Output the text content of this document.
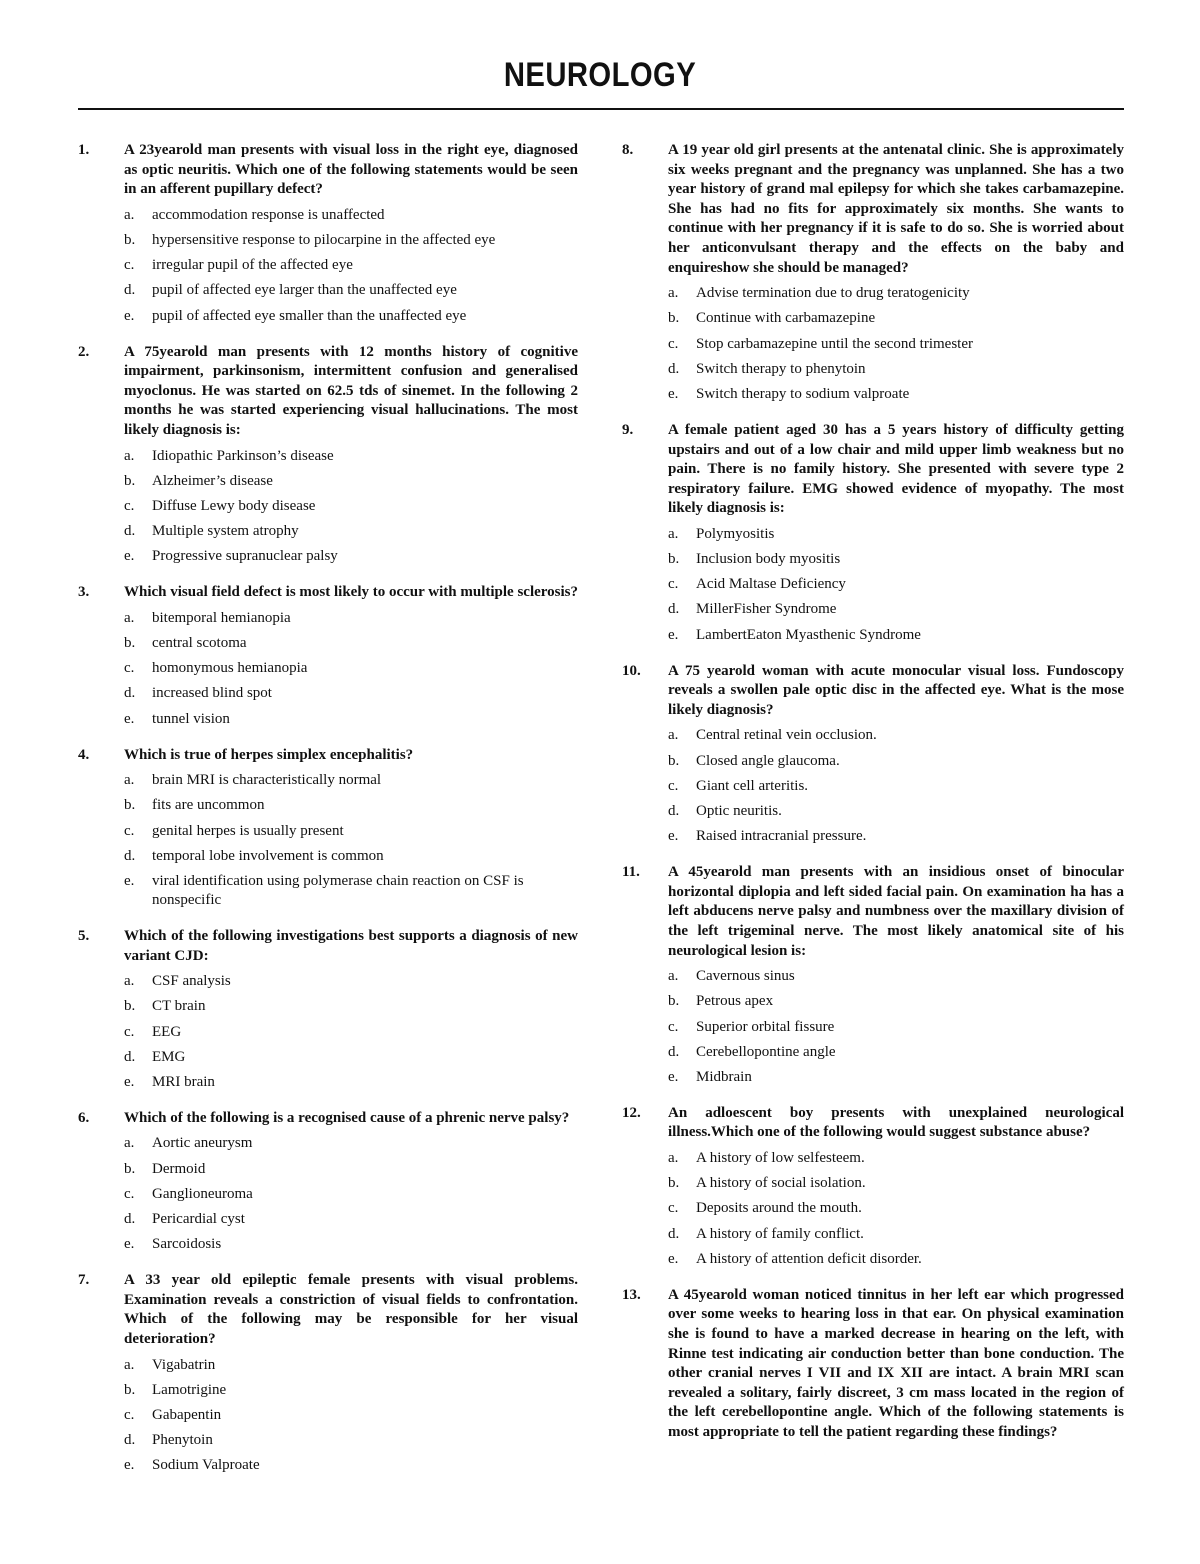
NEUROLOGY
1.	A 23yearold man presents with visual loss in the right eye, diagnosed as optic neuritis. Which one of the following statements would be seen in an afferent pupillary defect?
a.	accommodation response is unaffected
b.	hypersensitive response to pilocarpine in the affected eye
c.	irregular pupil of the affected eye
d.	pupil of affected eye larger than the unaffected eye
e.	pupil of affected eye smaller than the unaffected eye
2.	A 75yearold man presents with 12 months history of cognitive impairment, parkinsonism, intermittent confusion and generalised myoclonus. He was started on 62.5 tds of sinemet. In the following 2 months he was started experiencing visual hallucinations. The most likely diagnosis is:
a.	Idiopathic Parkinson’s disease
b.	Alzheimer’s disease
c.	Diffuse Lewy body disease
d.	Multiple system atrophy
e.	Progressive supranuclear palsy
3.	Which visual field defect is most likely to occur with multiple sclerosis?
a.	bitemporal hemianopia
b.	central scotoma
c.	homonymous hemianopia
d.	increased blind spot
e.	tunnel vision
4.	Which is true of herpes simplex encephalitis?
a.	brain MRI is characteristically normal
b.	fits are uncommon
c.	genital herpes is usually present
d.	temporal lobe involvement is common
e.	viral identification using polymerase chain reaction on CSF is nonspecific
5.	Which of the following investigations best supports a diagnosis of new variant CJD:
a.	CSF analysis
b.	CT brain
c.	EEG
d.	EMG
e.	MRI brain
6.	Which of the following is a recognised cause of a phrenic nerve palsy?
a.	Aortic aneurysm
b.	Dermoid
c.	Ganglioneuroma
d.	Pericardial cyst
e.	Sarcoidosis
7.	A 33 year old epileptic female presents with visual problems. Examination reveals a constriction of visual fields to confrontation. Which of the following may be responsible for her visual deterioration?
a.	Vigabatrin
b.	Lamotrigine
c.	Gabapentin
d.	Phenytoin
e.	Sodium Valproate
8.	A 19 year old girl presents at the antenatal clinic. She is approximately six weeks pregnant and the pregnancy was unplanned. She has a two year history of grand mal epilepsy for which she takes carbamazepine. She has had no fits for approximately six months. She wants to continue with her pregnancy if it is safe to do so. She is worried about her anticonvulsant therapy and the effects on the baby and enquireshow she should be managed?
a.	Advise termination due to drug teratogenicity
b.	Continue with carbamazepine
c.	Stop carbamazepine until the second trimester
d.	Switch therapy to phenytoin
e.	Switch therapy to sodium valproate
9.	A female patient aged 30 has a 5 years history of difficulty getting upstairs and out of a low chair and mild upper limb weakness but no pain. There is no family history. She presented with severe type 2 respiratory failure. EMG showed evidence of myopathy. The most likely diagnosis is:
a.	Polymyositis
b.	Inclusion body myositis
c.	Acid Maltase Deficiency
d.	MillerFisher Syndrome
e.	LambertEaton Myasthenic Syndrome
10.	A 75 yearold woman with acute monocular visual loss. Fundoscopy reveals a swollen pale optic disc in the affected eye. What is the mose likely diagnosis?
a.	Central retinal vein occlusion.
b.	Closed angle glaucoma.
c.	Giant cell arteritis.
d.	Optic neuritis.
e.	Raised intracranial pressure.
11.	A 45yearold man presents with an insidious onset of binocular horizontal diplopia and left sided facial pain. On examination ha has a left abducens nerve palsy and numbness over the maxillary division of the left trigeminal nerve. The most likely anatomical site of his neurological lesion is:
a.	Cavernous sinus
b.	Petrous apex
c.	Superior orbital fissure
d.	Cerebellopontine angle
e.	Midbrain
12.	An adloescent boy presents with unexplained neurological illness.Which one of the following would suggest substance abuse?
a.	A history of low selfesteem.
b.	A history of social isolation.
c.	Deposits around the mouth.
d.	A history of family conflict.
e.	A history of attention deficit disorder.
13.	A 45yearold woman noticed tinnitus in her left ear which progressed over some weeks to hearing loss in that ear. On physical examination she is found to have a marked decrease in hearing on the left, with Rinne test indicating air conduction better than bone conduction. The other cranial nerves I VII and IX XII are intact. A brain MRI scan revealed a solitary, fairly discreet, 3 cm mass located in the region of the left cerebellopontine angle. Which of the following statements is most appropriate to tell the patient regarding these findings?
